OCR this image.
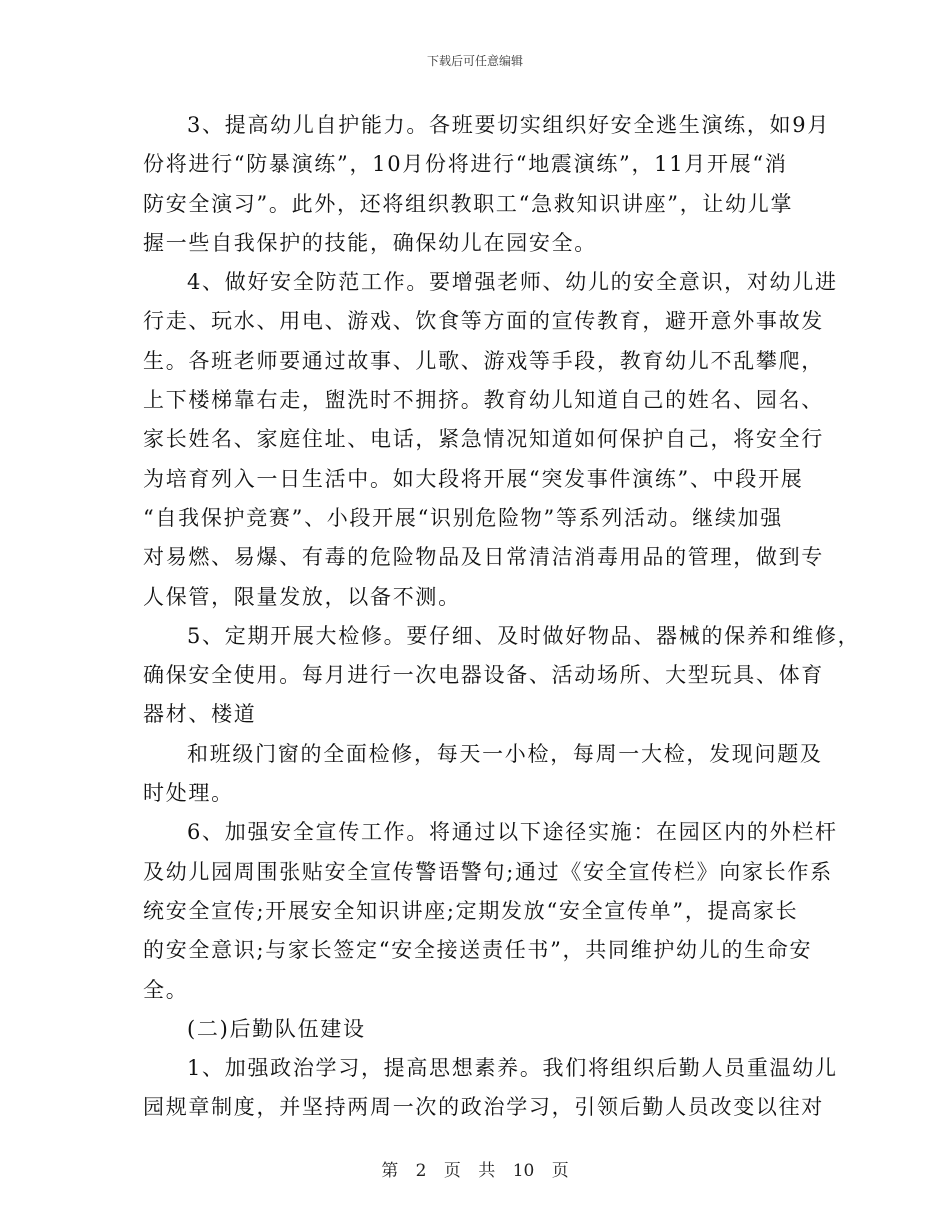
下载后可任意编辑
3、提高幼儿自护能力。各班要切实组织好安全逃生演练，如9月
份将进行“防暴演练”，10月份将进行“地震演练”，11月开展“消
防安全演习”。此外，还将组织教职工“急救知识讲座”，让幼儿掌
握一些自我保护的技能，确保幼儿在园安全。
4、做好安全防范工作。要增强老师、幼儿的安全意识，对幼儿进
行走、玩水、用电、游戏、饮食等方面的宣传教育，避开意外事故发
生。各班老师要通过故事、儿歌、游戏等手段，教育幼儿不乱攀爬，
上下楼梯靠右走，盥洗时不拥挤。教育幼儿知道自己的姓名、园名、
家长姓名、家庭住址、电话，紧急情况知道如何保护自己，将安全行
为培育列入一日生活中。如大段将开展“突发事件演练”、中段开展
“自我保护竞赛”、小段开展“识别危险物”等系列活动。继续加强
对易燃、易爆、有毒的危险物品及日常清洁消毒用品的管理，做到专
人保管，限量发放，以备不测。
5、定期开展大检修。要仔细、及时做好物品、器械的保养和维修，
确保安全使用。每月进行一次电器设备、活动场所、大型玩具、体育
器材、楼道
和班级门窗的全面检修，每天一小检，每周一大检，发现问题及
时处理。
6、加强安全宣传工作。将通过以下途径实施：在园区内的外栏杆
及幼儿园周围张贴安全宣传警语警句;通过《安全宣传栏》向家长作系
统安全宣传;开展安全知识讲座;定期发放“安全宣传单”，提高家长
的安全意识;与家长签定“安全接送责任书”，共同维护幼儿的生命安
全。
(二)后勤队伍建设
1、加强政治学习，提高思想素养。我们将组织后勤人员重温幼儿
园规章制度，并坚持两周一次的政治学习，引领后勤人员改变以往对
第 2 页 共 10 页
